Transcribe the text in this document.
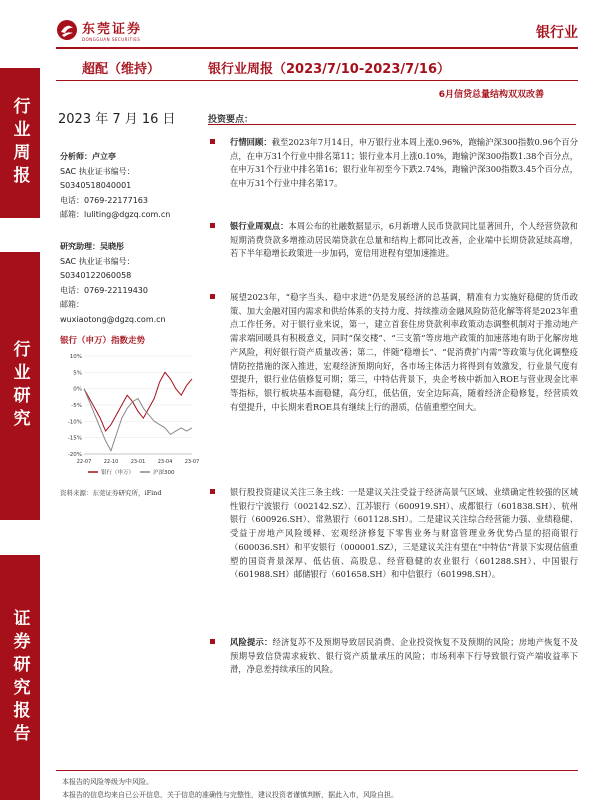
行业周报
行业研究
证券研究报告
东莞证券
DONGGUAN SECURITIES	银行业
超配（维持）	银行业周报（2023/7/10-2023/7/16）
6月信贷总量结构双双改善
2023 年 7 月 16 日
分析师：卢立亭
SAC 执业证书编号：
S0340518040001
电话：0769-22177163
邮箱：luliting@dgzq.com.cn
研究助理：吴晓彤
SAC 执业证书编号：
S0340122060058
电话：0769-22119430
邮箱：
wuxiaotong@dgzq.com.cn
银行（申万）指数走势
10%
5%
0%
-5%
-10%
-15%
-20%
22-07 22-10 23-01 23-04 23-07
银行（申万）	沪深300
资料来源：东莞证券研究所，iFind
投资要点：
行情回顾：截至2023年7月14日，申万银行业本周上涨0.96%，跑输沪深300指数0.96个百分点，在申万31个行业中排名第11；银行业本月上涨0.10%，跑输沪深300指数1.38个百分点，在申万31个行业中排名第16；银行业年初至今下跌2.74%，跑输沪深300指数3.45个百分点，在申万31个行业中排名第17。
银行业周观点：本周公布的社融数据显示，6月新增人民币贷款同比显著回升，个人经营贷款和短期消费贷款多增推动居民端贷款在总量和结构上都同比改善，企业端中长期贷款延续高增，若下半年稳增长政策进一步加码，宽信用进程有望加速推进。
展望2023年，“稳字当头、稳中求进”仍是发展经济的总基调，精准有力实施好稳健的货币政策、加大金融对国内需求和供给体系的支持力度、持续推动金融风险防范化解等将是2023年重点工作任务。对于银行业来说，第一，建立首套住房贷款利率政策动态调整机制对于推动地产需求端回暖具有积极意义，同时“保交楼”、“三支箭”等房地产政策的加速落地有助于化解房地产风险，利好银行资产质量改善；第二，伴随“稳增长”、“促消费扩内需”等政策与优化调整疫情防控措施的深入推进，宏观经济预期向好，各市场主体活力将得到有效激发，行业景气度有望提升，银行业估值修复可期；第三，中特估背景下，央企考核中新加入ROE与营业现金比率等指标，银行板块基本面稳健，高分红，低估值，安全边际高，随着经济企稳修复，经营质效有望提升，中长期来看ROE具有继续上行的潜质，估值重塑空间大。
银行股投资建议关注三条主线：一是建议关注受益于经济高景气区域、业绩确定性较强的区域性银行宁波银行（002142.SZ）、江苏银行（600919.SH）、成都银行（601838.SH）、杭州银行（600926.SH）、常熟银行（601128.SH）。二是建议关注综合经营能力强、业绩稳健、受益于房地产风险缓释、宏观经济修复下零售业务与财富管理业务优势凸显的招商银行（600036.SH）和平安银行（000001.SZ），三是建议关注有望在“中特估”背景下实现估值重塑的国资背景深厚、低估值、高股息、经营稳健的农业银行（601288.SH）、中国银行（601988.SH）邮储银行（601658.SH）和中信银行（601998.SH）。
风险提示：经济复苏不及预期导致居民消费、企业投资恢复不及预期的风险；房地产恢复不及预期导致信贷需求疲软、银行资产质量承压的风险；市场利率下行导致银行资产端收益率下滑，净息差持续承压的风险。
本报告的风险等级为中风险。
本报告的信息均来自已公开信息，关于信息的准确性与完整性，建议投资者谨慎判断，据此入市，风险自担。
